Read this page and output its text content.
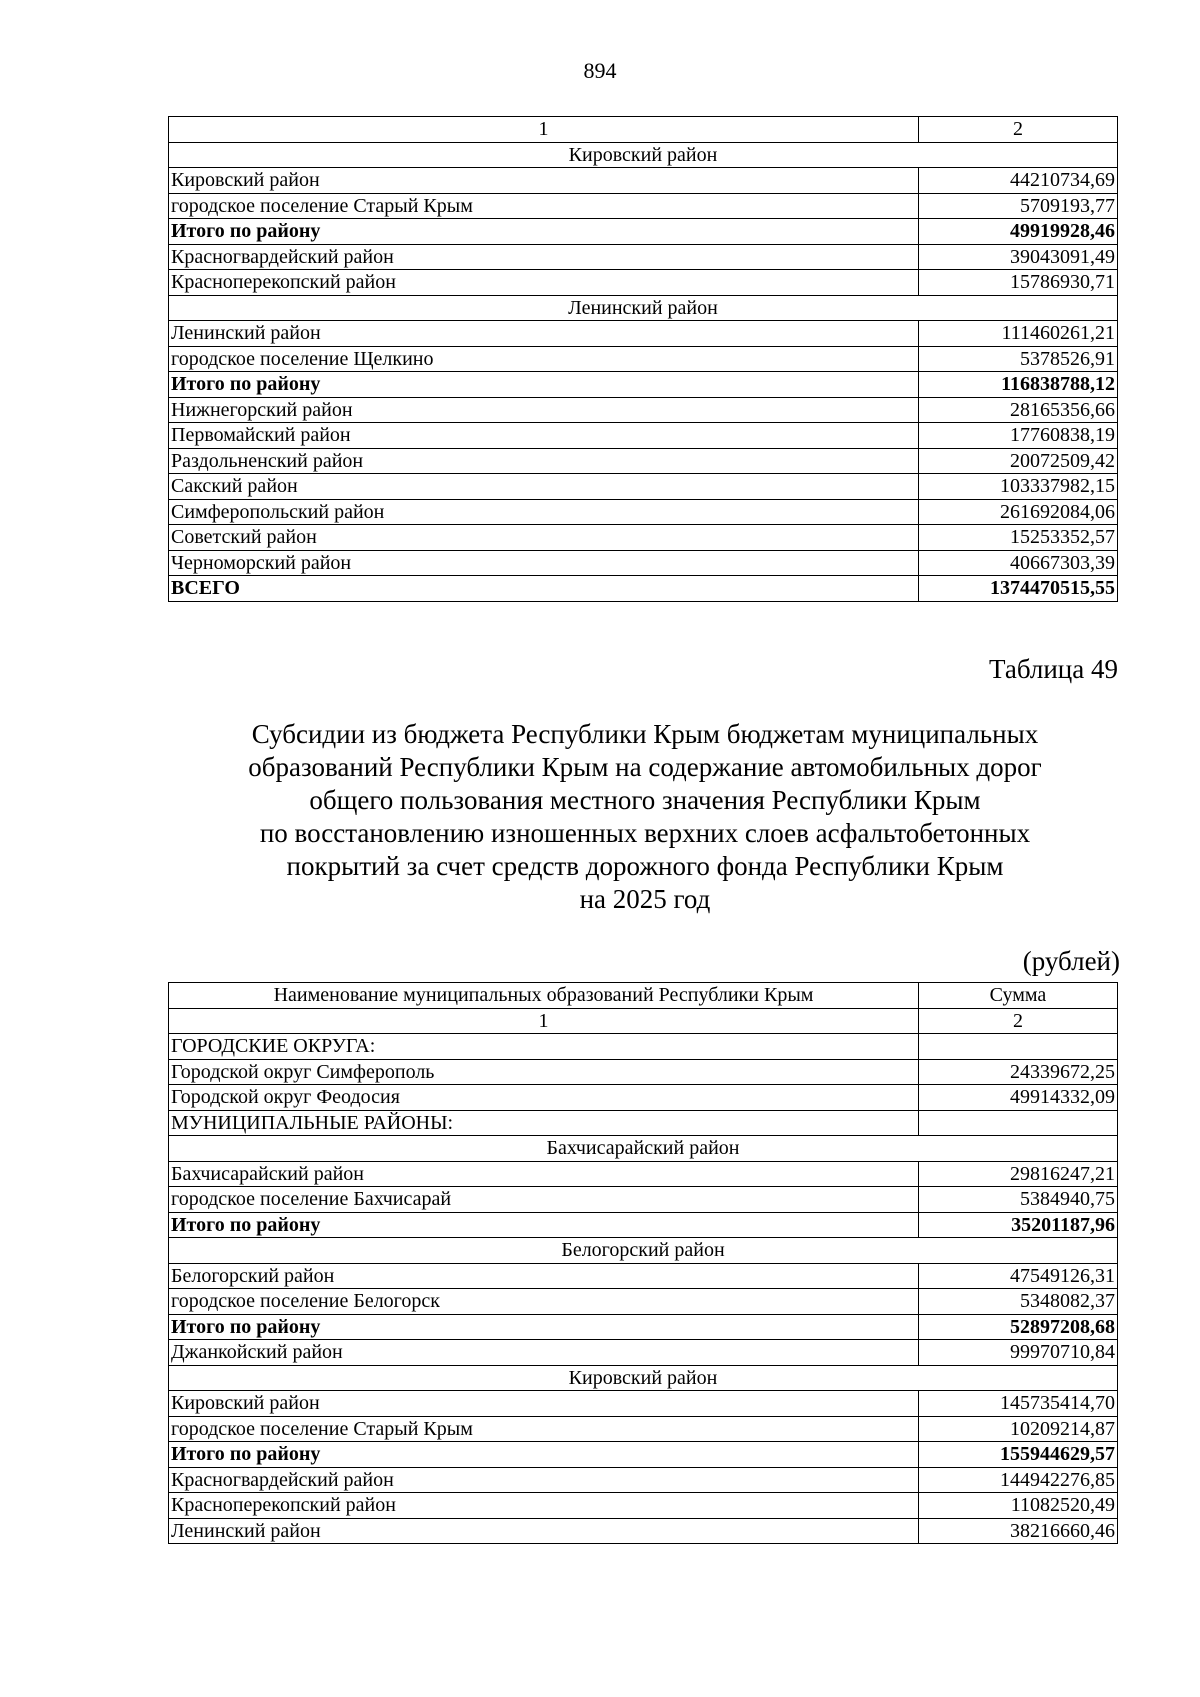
894
1	2
Кировский район	
Кировский район	44210734,69
городское поселение Старый Крым	5709193,77
Итого по району	49919928,46
Красногвардейский район	39043091,49
Красноперекопский район	15786930,71
Ленинский район	
Ленинский район	111460261,21
городское поселение Щелкино	5378526,91
Итого по району	116838788,12
Нижнегорский район	28165356,66
Первомайский район	17760838,19
Раздольненский район	20072509,42
Сакский район	103337982,15
Симферопольский район	261692084,06
Советский район	15253352,57
Черноморский район	40667303,39
ВСЕГО	1374470515,55
Таблица 49
Субсидии из бюджета Республики Крым бюджетам муниципальных
образований Республики Крым на содержание автомобильных дорог
общего пользования местного значения Республики Крым
по восстановлению изношенных верхних слоев асфальтобетонных
покрытий за счет средств дорожного фонда Республики Крым
на 2025 год
(рублей)
Наименование муниципальных образований Республики Крым	Сумма
1	2
ГОРОДСКИЕ ОКРУГА:	
Городской округ Симферополь	24339672,25
Городской округ Феодосия	49914332,09
МУНИЦИПАЛЬНЫЕ РАЙОНЫ:	
Бахчисарайский район	
Бахчисарайский район	29816247,21
городское поселение Бахчисарай	5384940,75
Итого по району	35201187,96
Белогорский район	
Белогорский район	47549126,31
городское поселение Белогорск	5348082,37
Итого по району	52897208,68
Джанкойский район	99970710,84
Кировский район	
Кировский район	145735414,70
городское поселение Старый Крым	10209214,87
Итого по району	155944629,57
Красногвардейский район	144942276,85
Красноперекопский район	11082520,49
Ленинский район	38216660,46
